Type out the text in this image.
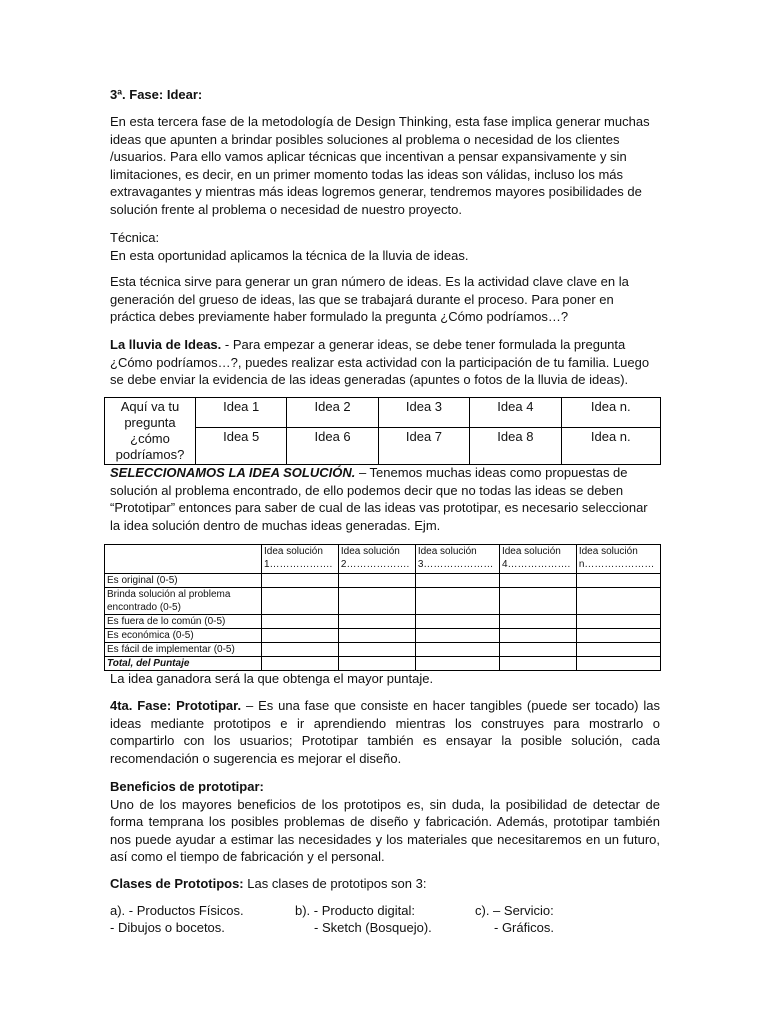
3ª. Fase: Idear:
En esta tercera fase de la metodología de Design Thinking, esta fase implica generar muchas ideas que apunten a brindar posibles soluciones al problema o necesidad de los clientes /usuarios. Para ello vamos aplicar técnicas que incentivan a pensar expansivamente y sin limitaciones, es decir, en un primer momento todas las ideas son válidas, incluso los más extravagantes y mientras más ideas logremos generar, tendremos mayores posibilidades de solución frente al problema o necesidad de nuestro proyecto.
Técnica:
En esta oportunidad aplicamos la técnica de la lluvia de ideas.
Esta técnica sirve para generar un gran número de ideas. Es la actividad clave clave en la generación del grueso de ideas, las que se trabajará durante el proceso. Para poner en práctica debes previamente haber formulado la pregunta ¿Cómo podríamos…?
La lluvia de Ideas. - Para empezar a generar ideas, se debe tener formulada la pregunta ¿Cómo podríamos…?, puedes realizar esta actividad con la participación de tu familia. Luego se debe enviar la evidencia de las ideas generadas (apuntes o fotos de la lluvia de ideas).
Aquí va tu pregunta ¿cómo podríamos?	Idea 1	Idea 2	Idea 3	Idea 4	Idea n.
	Idea 5	Idea 6	Idea 7	Idea 8	Idea n.
SELECCIONAMOS LA IDEA SOLUCIÓN. – Tenemos muchas ideas como propuestas de solución al problema encontrado, de ello podemos decir que no todas las ideas se deben “Prototipar” entonces para saber de cual de las ideas vas prototipar, es necesario seleccionar la idea solución dentro de muchas ideas generadas. Ejm.
	Idea solución 1……………….	Idea solución 2……………….	Idea solución 3…………………	Idea solución 4……………….	Idea solución n…………………
Es original (0-5)					
Brinda solución al problema encontrado (0-5)					
Es fuera de lo común (0-5)					
Es económica (0-5)					
Es fácil de implementar (0-5)					
Total, del Puntaje					
La idea ganadora será la que obtenga el mayor puntaje.
4ta. Fase: Prototipar. – Es una fase que consiste en hacer tangibles (puede ser tocado) las ideas mediante prototipos e ir aprendiendo mientras los construyes para mostrarlo o compartirlo con los usuarios; Prototipar también es ensayar la posible solución, cada recomendación o sugerencia es mejorar el diseño.
Beneficios de prototipar:
Uno de los mayores beneficios de los prototipos es, sin duda, la posibilidad de detectar de forma temprana los posibles problemas de diseño y fabricación. Además, prototipar también nos puede ayudar a estimar las necesidades y los materiales que necesitaremos en un futuro, así como el tiempo de fabricación y el personal.
Clases de Prototipos: Las clases de prototipos son 3:
a). - Productos Físicos.
- Dibujos o bocetos.
b). - Producto digital:
- Sketch (Bosquejo).
c). – Servicio:
- Gráficos.
